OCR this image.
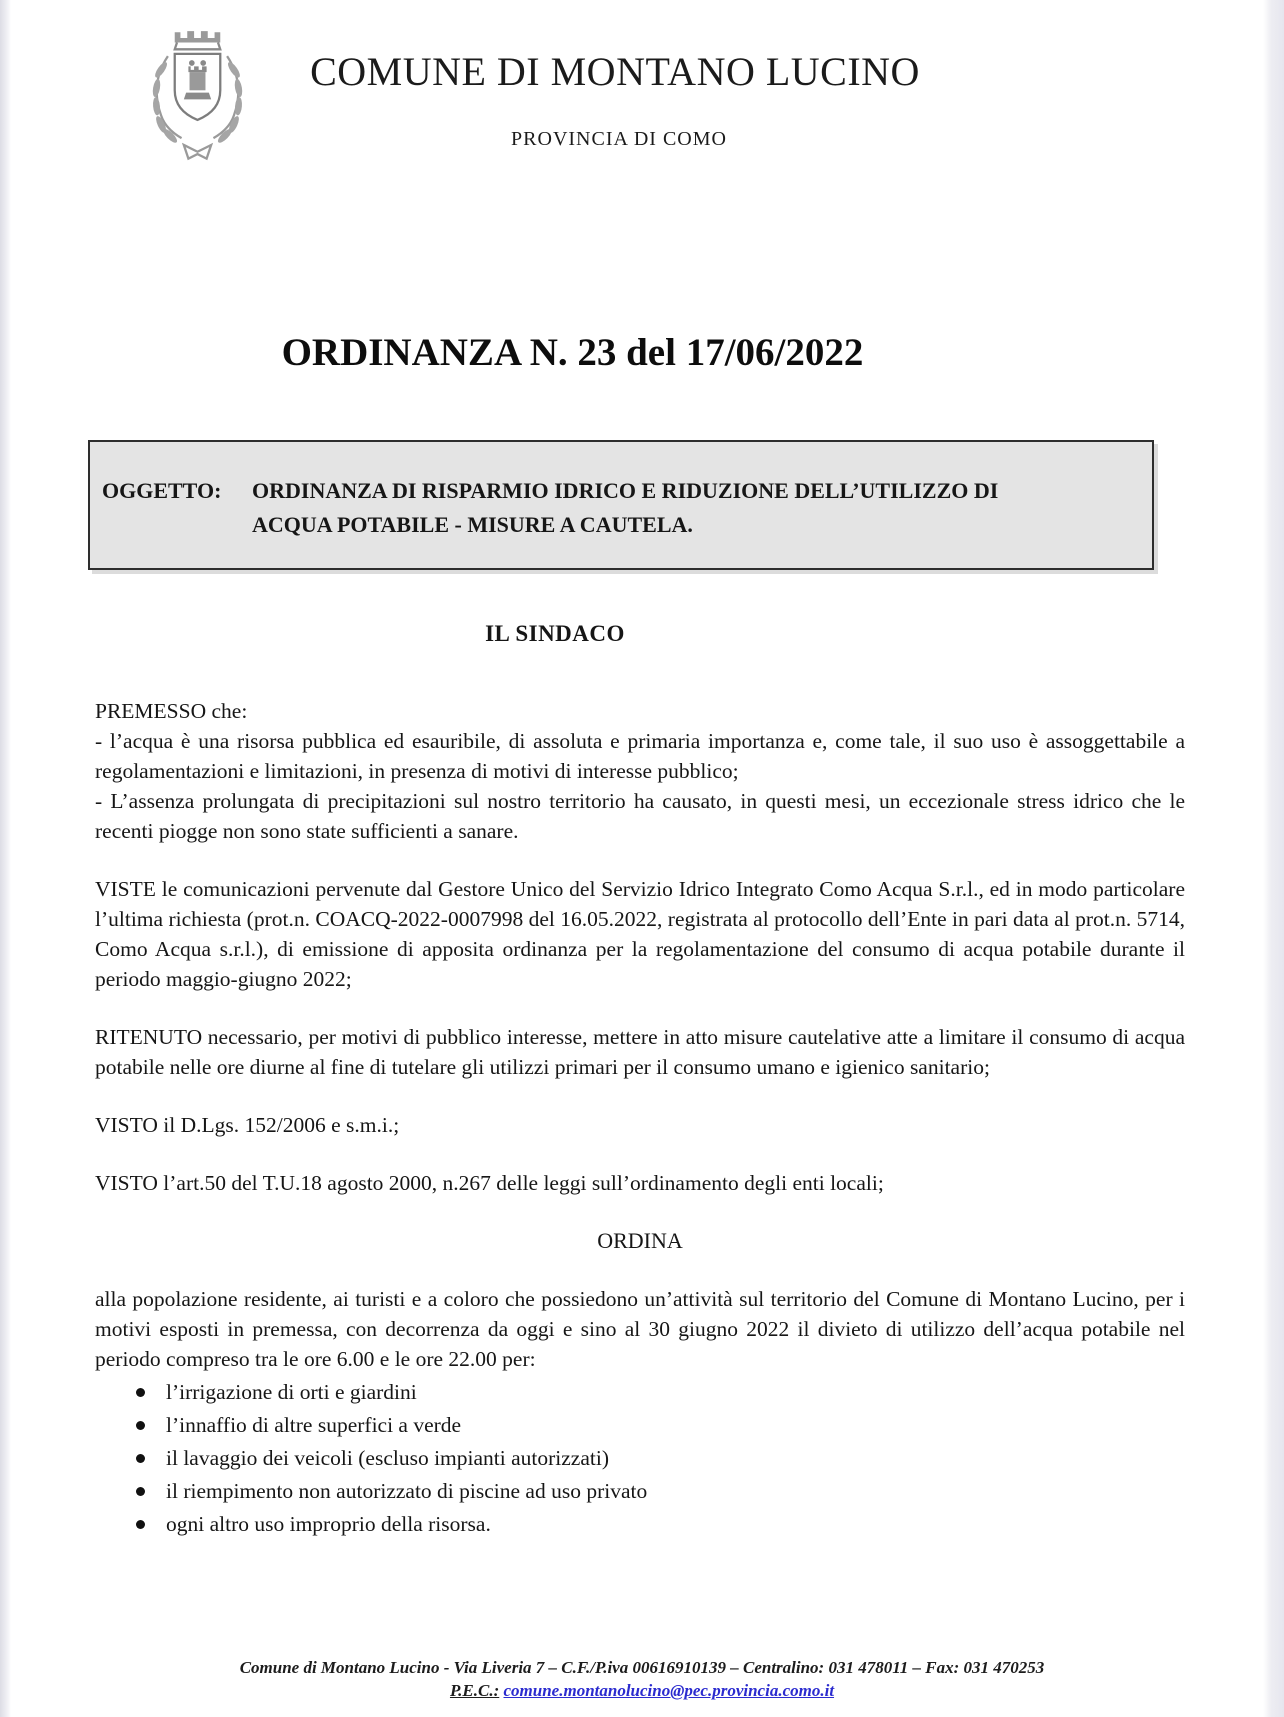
COMUNE DI MONTANO LUCINO
PROVINCIA DI COMO
ORDINANZA N. 23 del 17/06/2022
OGGETTO:	ORDINANZA DI RISPARMIO IDRICO E RIDUZIONE DELL’UTILIZZO DI ACQUA POTABILE - MISURE A CAUTELA.
IL SINDACO

PREMESSO che:

- l’acqua è una risorsa pubblica ed esauribile, di assoluta e primaria importanza e, come tale, il suo uso è assoggettabile a regolamentazioni e limitazioni, in presenza di motivi di interesse pubblico;

- L’assenza prolungata di precipitazioni sul nostro territorio ha causato, in questi mesi, un eccezionale stress idrico che le recenti piogge non sono state sufficienti a sanare.

VISTE le comunicazioni pervenute dal Gestore Unico del Servizio Idrico Integrato Como Acqua S.r.l., ed in modo particolare l’ultima richiesta (prot.n. COACQ-2022-0007998 del 16.05.2022, registrata al protocollo dell’Ente in pari data al prot.n. 5714, Como Acqua s.r.l.), di emissione di apposita ordinanza per la regolamentazione del consumo di acqua potabile durante il periodo maggio-giugno 2022;

RITENUTO necessario, per motivi di pubblico interesse, mettere in atto misure cautelative atte a limitare il consumo di acqua potabile nelle ore diurne al fine di tutelare gli utilizzi primari per il consumo umano e igienico sanitario;

VISTO il D.Lgs. 152/2006 e s.m.i.;

VISTO l’art.50 del T.U.18 agosto 2000, n.267 delle leggi sull’ordinamento degli enti locali;

ORDINA

alla popolazione residente, ai turisti e a coloro che possiedono un’attività sul territorio del Comune di Montano Lucino, per i motivi esposti in premessa, con decorrenza da oggi e sino al 30 giugno 2022 il divieto di utilizzo dell’acqua potabile nel periodo compreso tra le ore 6.00 e le ore 22.00 per:

l’irrigazione di orti e giardini
l’innaffio di altre superfici a verde
il lavaggio dei veicoli (escluso impianti autorizzati)
il riempimento non autorizzato di piscine ad uso privato
ogni altro uso improprio della risorsa.
Comune di Montano Lucino - Via Liveria 7 – C.F./P.iva 00616910139 – Centralino: 031 478011 – Fax: 031 470253
P.E.C.: comune.montanolucino@pec.provincia.como.it
